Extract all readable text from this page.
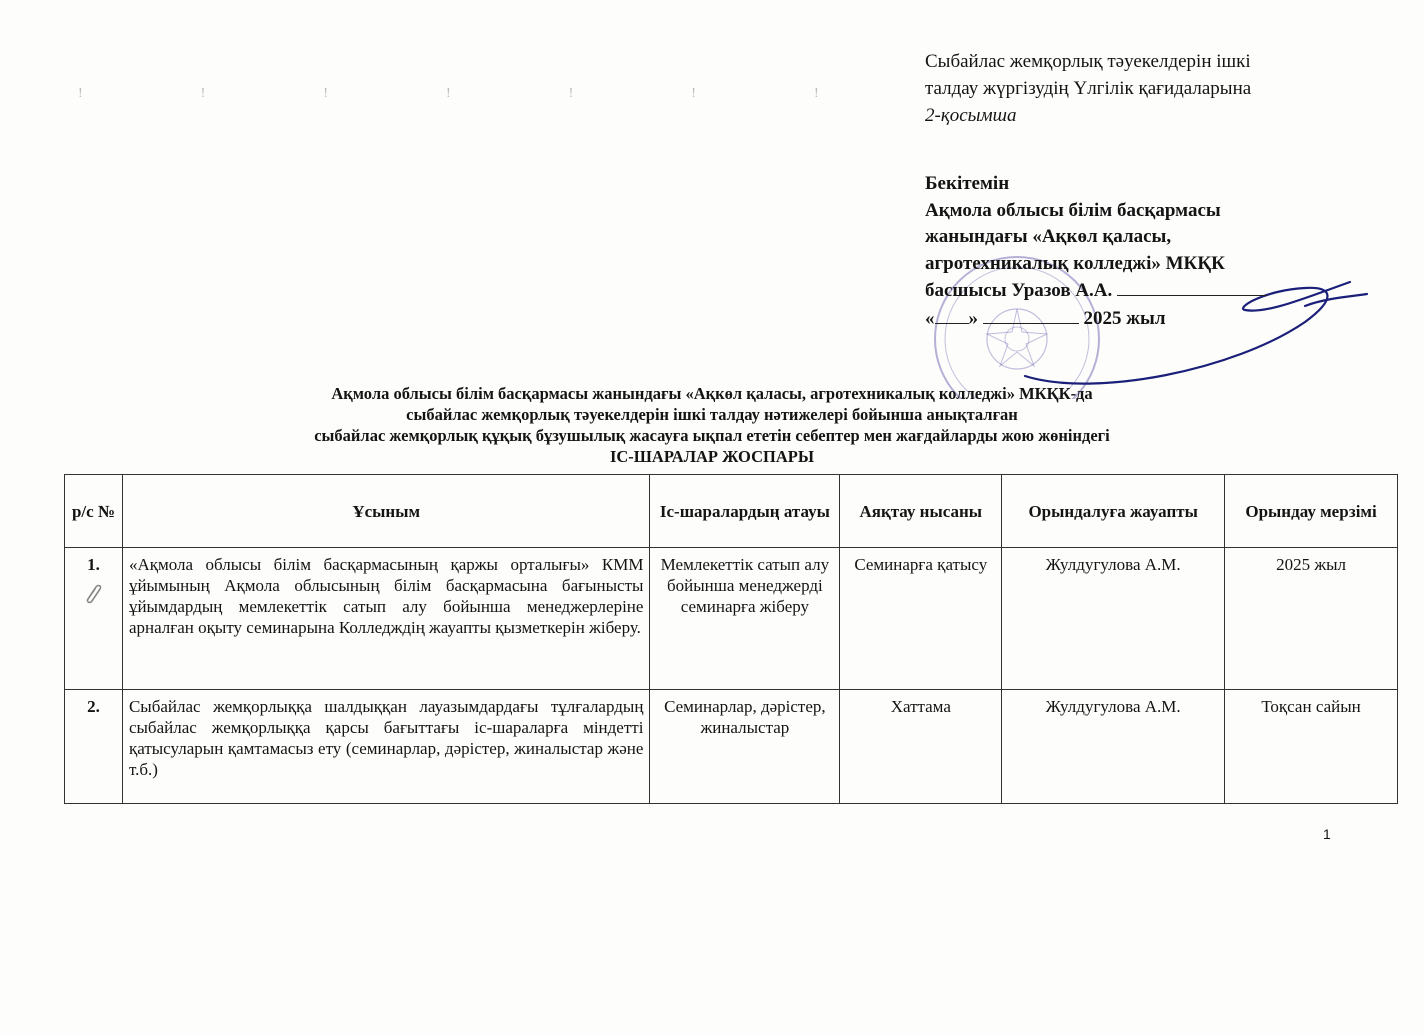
!!!!!!!
Сыбайлас жемқорлық тәуекелдерін ішкі
талдау жүргізудің Үлгілік қағидаларына
2-қосымша
Бекітемін
Ақмола облысы білім басқармасы
жанындағы «Ақкөл қаласы,
агротехникалық колледжі» МКҚК
басшысы Уразов А.А.
« »	2025 жыл
Ақмола облысы білім басқармасы жанындағы «Ақкөл қаласы, агротехникалық колледжі» МКҚК-да
сыбайлас жемқорлық тәуекелдерін ішкі талдау нәтижелері бойынша анықталған
сыбайлас жемқорлық құқық бұзушылық жасауға ықпал ететін себептер мен жағдайларды жою жөніндегі
ІС-ШАРАЛАР ЖОСПАРЫ
р/с №	Ұсыным	Іс-шаралардың атауы	Аяқтау нысаны	Орындалуға жауапты	Орындау мерзімі
1.	«Ақмола облысы білім басқармасының қаржы орталығы» КММ ұйымының Ақмола облысының білім басқармасына бағынысты ұйымдардың мемлекеттік сатып алу бойынша менеджерлеріне арналған оқыту семинарына Колледждің жауапты қызметкерін жіберу.	Мемлекеттік сатып алу бойынша менеджерді семинарға жіберу	Семинарға қатысу	Жулдугулова А.М.	2025 жыл
2.	Сыбайлас жемқорлыққа шалдыққан лауазымдардағы тұлғалардың сыбайлас жемқорлыққа қарсы бағыттағы іс-шараларға міндетті қатысуларын қамтамасыз ету (семинарлар, дәрістер, жиналыстар және т.б.)	Семинарлар, дәрістер, жиналыстар	Хаттама	Жулдугулова А.М.	Тоқсан сайын
1
